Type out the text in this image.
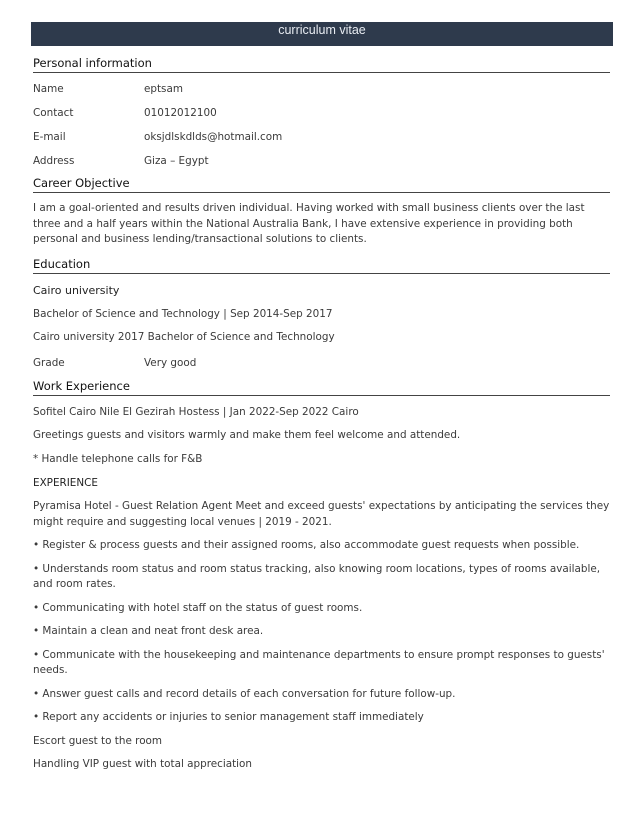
curriculum vitae
Personal information
Name	eptsam
Contact	01012012100
E-mail	oksjdlskdlds@hotmail.com
Address	Giza – Egypt
Career Objective
I am a goal-oriented and results driven individual. Having worked with small business clients over the last three and a half years within the National Australia Bank, I have extensive experience in providing both personal and business lending/transactional solutions to clients.
Education
Cairo university
Bachelor of Science and Technology | Sep 2014-Sep 2017
Cairo university 2017 Bachelor of Science and Technology
Grade	Very good
Work Experience
Sofitel Cairo Nile El Gezirah Hostess | Jan 2022-Sep 2022 Cairo
Greetings guests and visitors warmly and make them feel welcome and attended.
* Handle telephone calls for F&B
EXPERIENCE
Pyramisa Hotel - Guest Relation Agent Meet and exceed guests' expectations by anticipating the services they might require and suggesting local venues | 2019 - 2021.
• Register & process guests and their assigned rooms, also accommodate guest requests when possible.
• Understands room status and room status tracking, also knowing room locations, types of rooms available, and room rates.
• Communicating with hotel staff on the status of guest rooms.
• Maintain a clean and neat front desk area.
• Communicate with the housekeeping and maintenance departments to ensure prompt responses to guests' needs.
• Answer guest calls and record details of each conversation for future follow-up.
• Report any accidents or injuries to senior management staff immediately
Escort guest to the room
Handling VIP guest with total appreciation
